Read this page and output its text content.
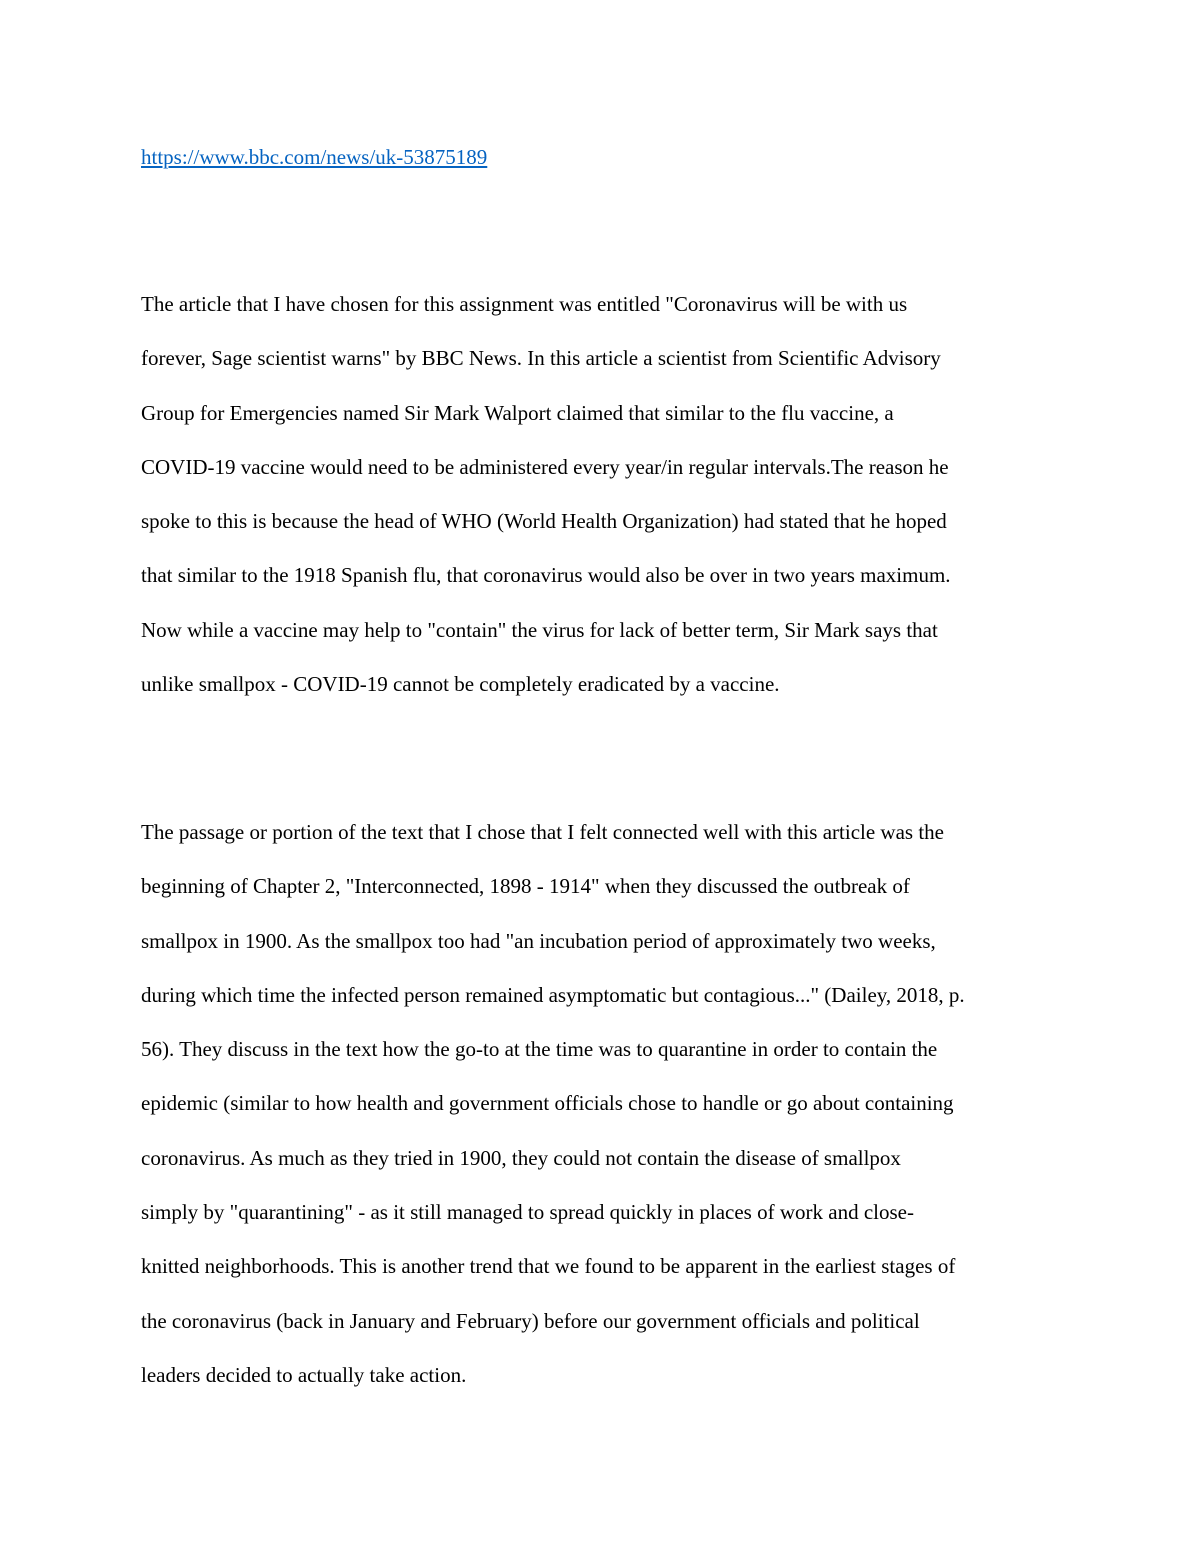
https://www.bbc.com/news/uk-53875189
The article that I have chosen for this assignment was entitled "Coronavirus will be with us
forever, Sage scientist warns" by BBC News. In this article a scientist from Scientific Advisory
Group for Emergencies named Sir Mark Walport claimed that similar to the flu vaccine, a
COVID-19 vaccine would need to be administered every year/in regular intervals.The reason he
spoke to this is because the head of WHO (World Health Organization) had stated that he hoped
that similar to the 1918 Spanish flu, that coronavirus would also be over in two years maximum.
Now while a vaccine may help to "contain" the virus for lack of better term, Sir Mark says that
unlike smallpox - COVID-19 cannot be completely eradicated by a vaccine.
The passage or portion of the text that I chose that I felt connected well with this article was the
beginning of Chapter 2, "Interconnected, 1898 - 1914" when they discussed the outbreak of
smallpox in 1900. As the smallpox too had "an incubation period of approximately two weeks,
during which time the infected person remained asymptomatic but contagious..." (Dailey, 2018, p.
56). They discuss in the text how the go-to at the time was to quarantine in order to contain the
epidemic (similar to how health and government officials chose to handle or go about containing
coronavirus. As much as they tried in 1900, they could not contain the disease of smallpox
simply by "quarantining" - as it still managed to spread quickly in places of work and close-
knitted neighborhoods. This is another trend that we found to be apparent in the earliest stages of
the coronavirus (back in January and February) before our government officials and political
leaders decided to actually take action.
